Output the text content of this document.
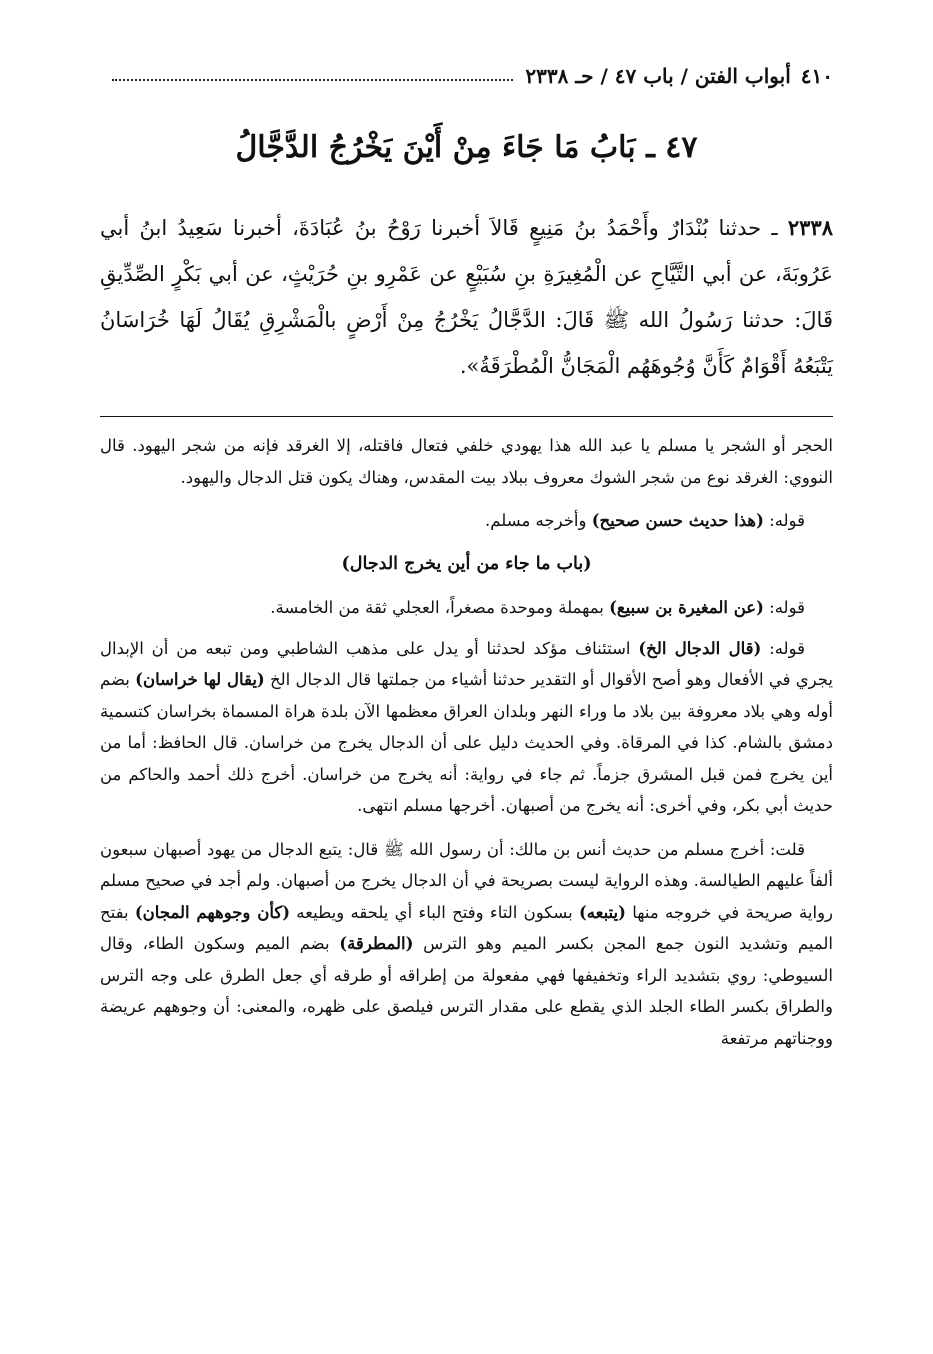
٤١٠
أبواب الفتن / باب ٤٧ / حـ ٢٣٣٨
٤٧ ـ بَابُ مَا جَاءَ مِنْ أَيْنَ يَخْرُجُ الدَّجَّالُ
٢٣٣٨ ـ حدثنا بُنْدَارٌ وأَحْمَدُ بنُ مَنِيعٍ قَالاَ أخبرنا رَوْحُ بنُ عُبَادَةَ، أخبرنا سَعِيدُ ابنُ أبي عَرُوبَةَ، عن أبي التَّيَّاحِ عن الْمُغِيرَةِ بنِ سُبَيْعٍ عن عَمْرِو بنِ حُرَيْثٍ، عن أبي بَكْرٍ الصِّدِّيقِ قَالَ: حدثنا رَسُولُ الله ﷺ قَالَ: الدَّجَّالُ يَخْرُجُ مِنْ أَرْضٍ بالْمَشْرِقِ يُقَالُ لَهَا خُرَاسَانُ يَتْبَعُهُ أَقْوَامٌ كَأَنَّ وُجُوهَهُم الْمَجَانُّ الْمُطْرَقَةُ».

الحجر أو الشجر يا مسلم يا عبد الله هذا يهودي خلفي فتعال فاقتله، إلا الغرقد فإنه من شجر اليهود. قال النووي: الغرقد نوع من شجر الشوك معروف ببلاد بيت المقدس، وهناك يكون قتل الدجال واليهود.

قوله: (هذا حديث حسن صحيح) وأخرجه مسلم.

(باب ما جاء من أين يخرج الدجال)

قوله: (عن المغيرة بن سبيع) بمهملة وموحدة مصغراً، العجلي ثقة من الخامسة.

قوله: (قال الدجال الخ) استئناف مؤكد لحدثنا أو يدل على مذهب الشاطبي ومن تبعه من أن الإبدال يجري في الأفعال وهو أصح الأقوال أو التقدير حدثنا أشياء من جملتها قال الدجال الخ (يقال لها خراسان) بضم أوله وهي بلاد معروفة بين بلاد ما وراء النهر وبلدان العراق معظمها الآن بلدة هراة المسماة بخراسان كتسمية دمشق بالشام. كذا في المرقاة. وفي الحديث دليل على أن الدجال يخرج من خراسان. قال الحافظ: أما من أين يخرج فمن قبل المشرق جزماً. ثم جاء في رواية: أنه يخرج من خراسان. أخرج ذلك أحمد والحاكم من حديث أبي بكر، وفي أخرى: أنه يخرج من أصبهان. أخرجها مسلم انتهى.

قلت: أخرج مسلم من حديث أنس بن مالك: أن رسول الله ﷺ قال: يتبع الدجال من يهود أصبهان سبعون ألفاً عليهم الطيالسة. وهذه الرواية ليست بصريحة في أن الدجال يخرج من أصبهان. ولم أجد في صحيح مسلم رواية صريحة في خروجه منها (يتبعه) بسكون التاء وفتح الباء أي يلحقه ويطيعه (كأن وجوههم المجان) بفتح الميم وتشديد النون جمع المجن بكسر الميم وهو الترس (المطرقة) بضم الميم وسكون الطاء، وقال السيوطي: روي بتشديد الراء وتخفيفها فهي مفعولة من إطراقه أو طرقه أي جعل الطرق على وجه الترس والطراق بكسر الطاء الجلد الذي يقطع على مقدار الترس فيلصق على ظهره، والمعنى: أن وجوههم عريضة ووجناتهم مرتفعة
